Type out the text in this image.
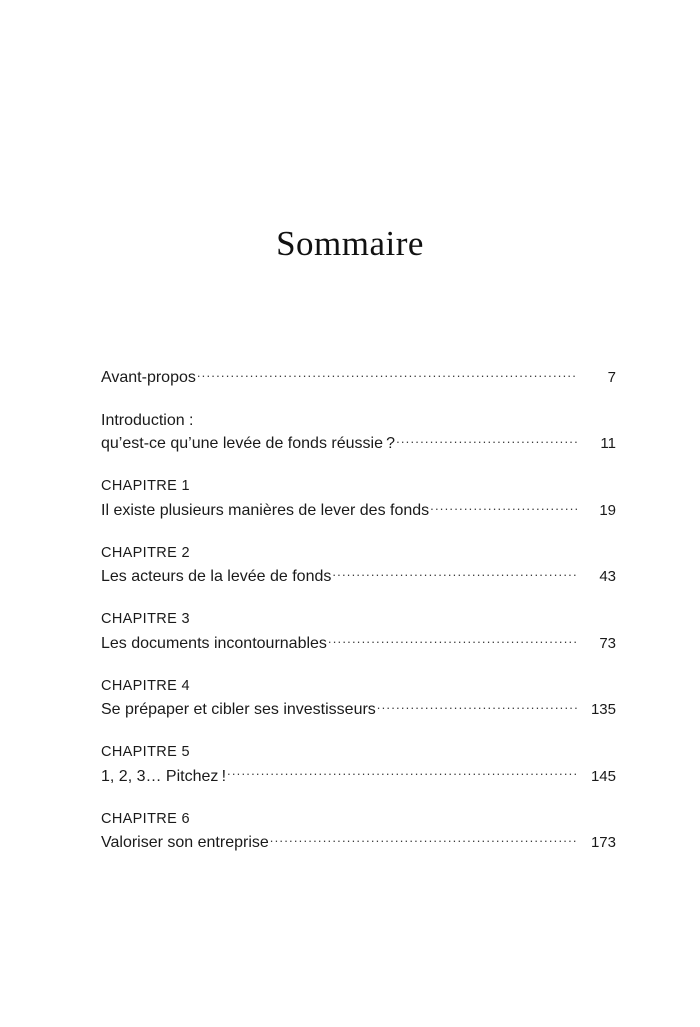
Sommaire
Avant-propos .....	7
Introduction :
qu’est-ce qu’une levée de fonds réussie ? .....	11
CHAPITRE 1
Il existe plusieurs manières de lever des fonds .....	19
CHAPITRE 2
Les acteurs de la levée de fonds .....	43
CHAPITRE 3
Les documents incontournables .....	73
CHAPITRE 4
Se prépaper et cibler ses investisseurs .....	135
CHAPITRE 5
1, 2, 3… Pitchez ! .....	145
CHAPITRE 6
Valoriser son entreprise .....	173
